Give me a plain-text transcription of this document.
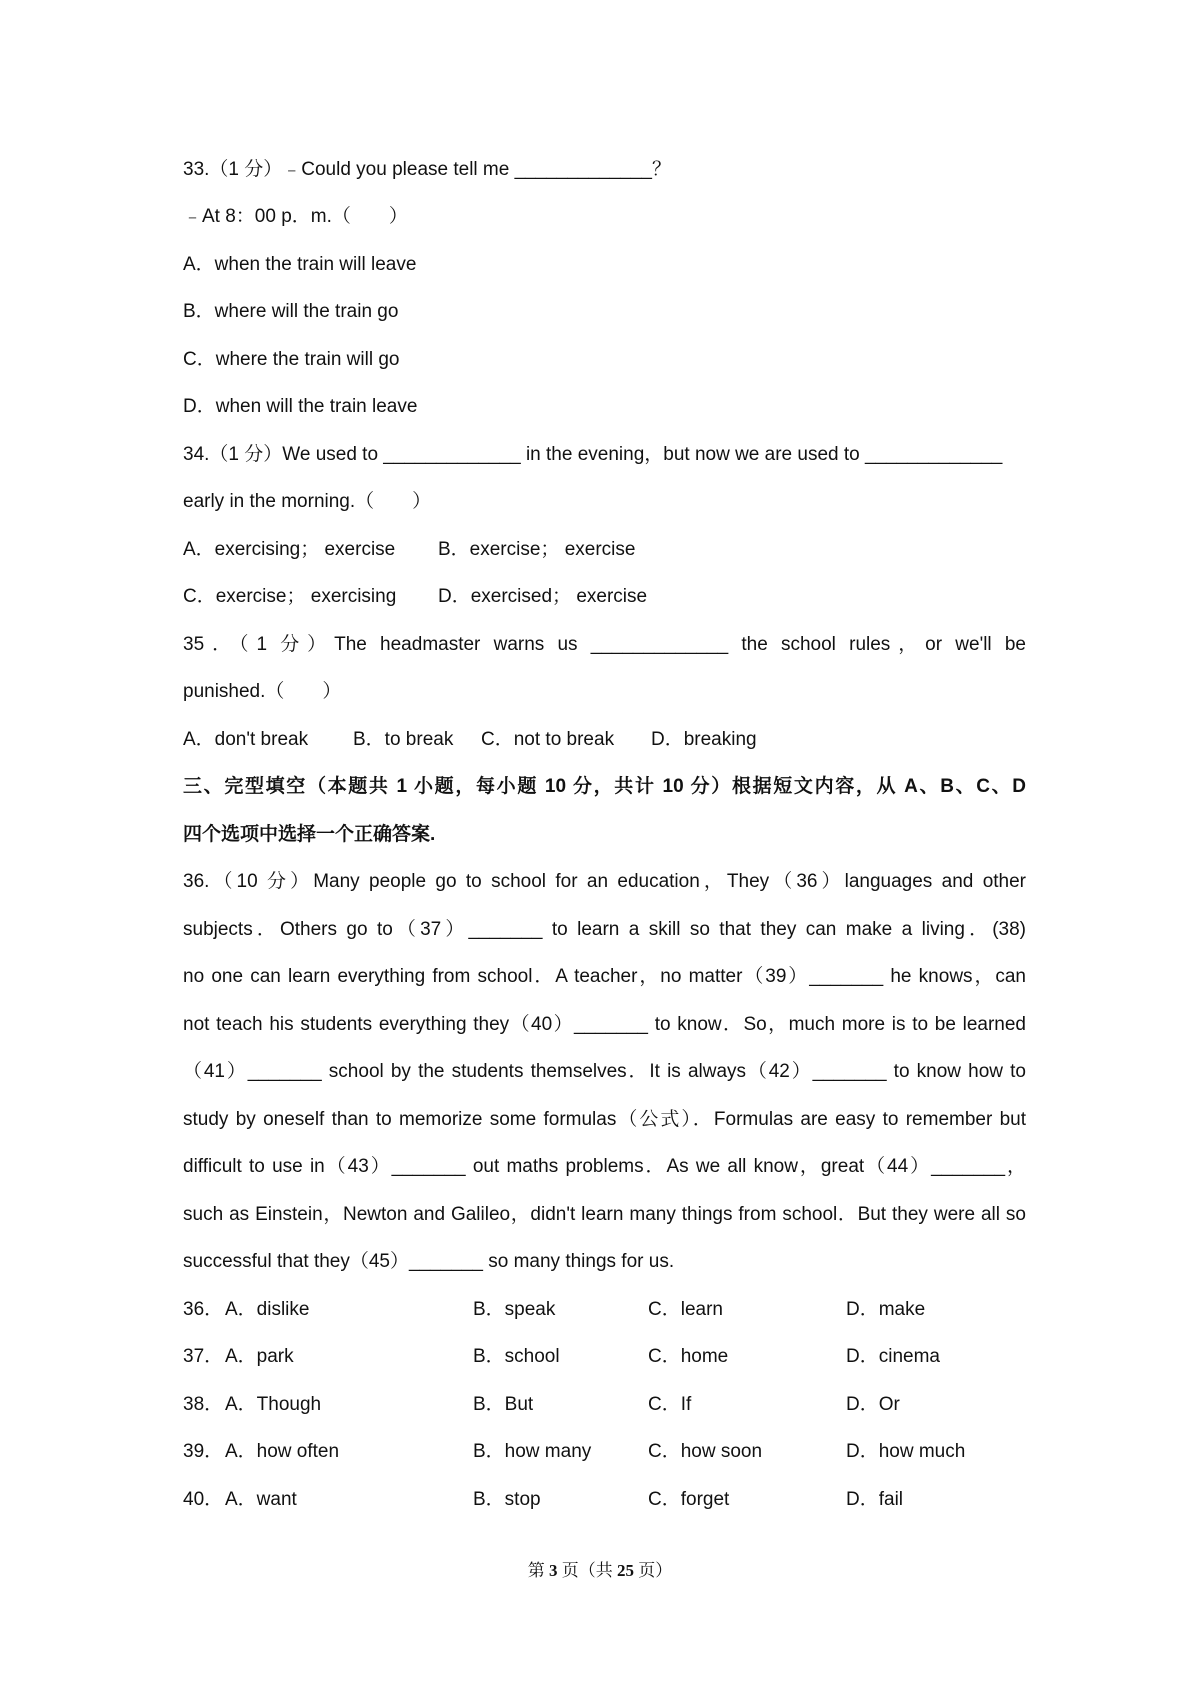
33.（1 分）﹣Could you please tell me _____________？
﹣At 8：00 p．m.（　　）
A．when the train will leave
B．where will the train go
C．where the train will go
D．when will the train leave
34.（1 分）We used to _____________ in the evening，but now we are used to _____________
early in the morning.（　　）
A．exercising； exercise B．exercise； exercise
C．exercise； exercising D．exercised； exercise
35．（1 分）The headmaster warns us _____________ the school rules，or we'll be
punished.（　　）
A．don't break B．to break C．not to break D．breaking
三、完型填空（本题共 1 小题，每小题 10 分，共计 10 分）根据短文内容，从 A、B、C、D
四个选项中选择一个正确答案.
36.（10 分）Many people go to school for an education，They（36）languages and other
subjects．Others go to（37）_______ to learn a skill so that they can make a living．(38)
no one can learn everything from school．A teacher，no matter（39）_______ he knows，can
not teach his students everything they（40）_______ to know．So，much more is to be learned
（41）_______ school by the students themselves．It is always（42）_______ to know how to
study by oneself than to memorize some formulas（公式）．Formulas are easy to remember but
difficult to use in（43）_______ out maths problems．As we all know，great（44）_______，
such as Einstein，Newton and Galileo，didn't learn many things from school．But they were all so
successful that they（45）_______ so many things for us.
36． A．dislike	B．speak	C．learn	D．make
37． A．park	B．school	C．home	D．cinema
38． A．Though	B．But	C．If	D．Or
39． A．how often	B．how many	C．how soon	D．how much
40． A．want	B．stop	C．forget	D．fail
第 3 页（共 25 页）
